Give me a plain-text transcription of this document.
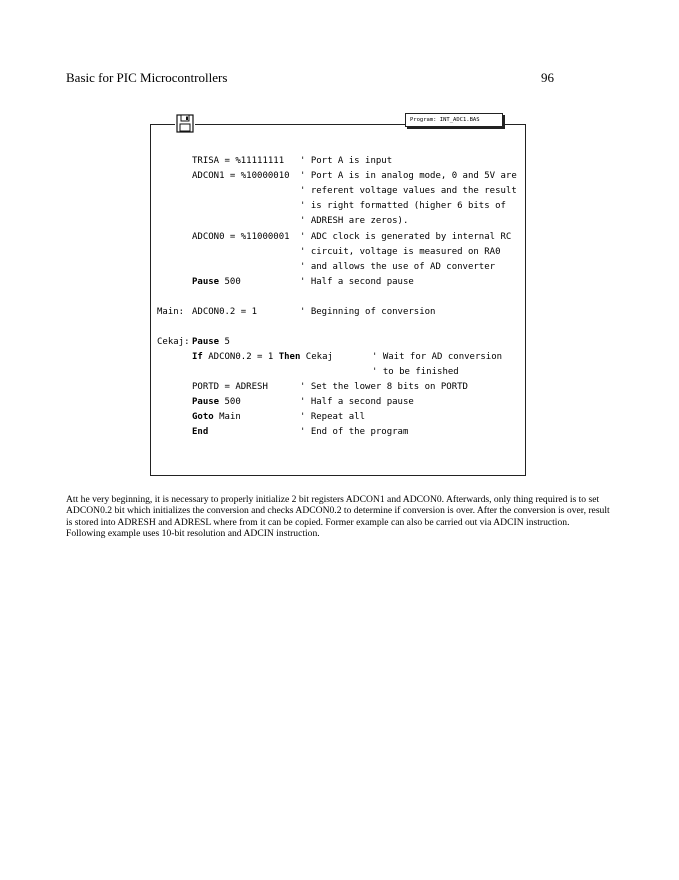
Basic for PIC Microcontrollers	96
Program: INT_ADC1.BAS

TRISA = %11111111

' Port A is input

ADCON1 = %10000010

' Port A is in analog mode, 0 and 5V are

' referent voltage values and the result

' is right formatted (higher 6 bits of

' ADRESH are zeros).

ADCON0 = %11000001

' ADC clock is generated by internal RC

' circuit, voltage is measured on RA0

' and allows the use of AD converter

Pause 500

	' Half a second pause

Main:

ADCON0.2 = 1

	' Beginning of conversion

Cekaj:

Pause 5

If ADCON0.2 = 1 Then Cekaj

	' Wait for AD conversion

' to be finished

PORTD = ADRESH

	' Set the lower 8 bits on PORTD

Pause 500

	' Half a second pause

Goto Main

	' Repeat all

End

	' End of the program

Att he very beginning, it is necessary to properly initialize 2 bit registers ADCON1 and ADCON0. Afterwards, only thing required is to set ADCON0.2 bit which initializes the conversion and checks ADCON0.2 to determine if conversion is over. After the conversion is over, result is stored into ADRESH and ADRESL where from it can be copied. Former example can also be carried out via ADCIN instruction. Following example uses 10-bit resolution and ADCIN instruction.
